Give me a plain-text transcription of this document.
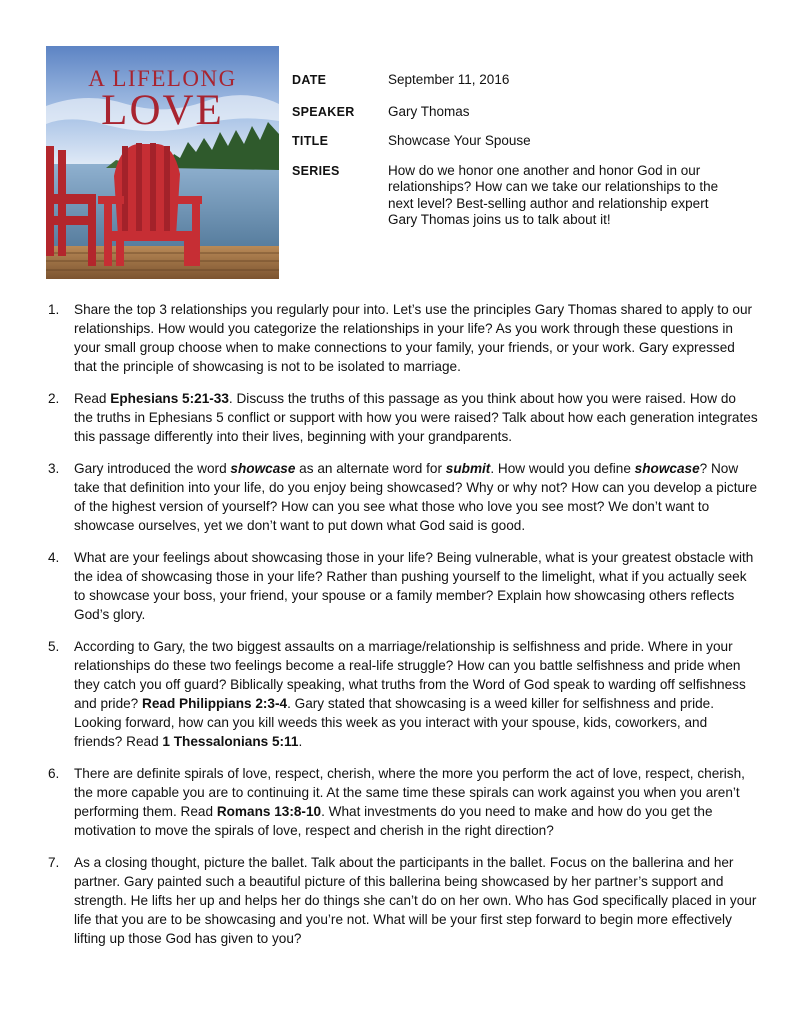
A LIFELONG
LOVE
DATE	September 11, 2016
SPEAKER	Gary Thomas
TITLE	Showcase Your Spouse
SERIES	How do we honor one another and honor God in our relationships? How can we take our relationships to the next level? Best-selling author and relationship expert Gary Thomas joins us to talk about it!
1.	Share the top 3 relationships you regularly pour into. Let’s use the principles Gary Thomas shared to apply to our relationships. How would you categorize the relationships in your life? As you work through these questions in your small group choose when to make connections to your family, your friends, or your work. Gary expressed that the principle of showcasing is not to be isolated to marriage.
2.	Read Ephesians 5:21-33. Discuss the truths of this passage as you think about how you were raised. How do the truths in Ephesians 5 conflict or support with how you were raised? Talk about how each generation integrates this passage differently into their lives, beginning with your grandparents.
3.	Gary introduced the word showcase as an alternate word for submit. How would you define showcase? Now take that definition into your life, do you enjoy being showcased? Why or why not? How can you develop a picture of the highest version of yourself? How can you see what those who love you see most? We don’t want to showcase ourselves, yet we don’t want to put down what God said is good.
4.	What are your feelings about showcasing those in your life? Being vulnerable, what is your greatest obstacle with the idea of showcasing those in your life? Rather than pushing yourself to the limelight, what if you actually seek to showcase your boss, your friend, your spouse or a family member? Explain how showcasing others reflects God’s glory.
5.	According to Gary, the two biggest assaults on a marriage/relationship is selfishness and pride. Where in your relationships do these two feelings become a real-life struggle? How can you battle selfishness and pride when they catch you off guard? Biblically speaking, what truths from the Word of God speak to warding off selfishness and pride? Read Philippians 2:3-4. Gary stated that showcasing is a weed killer for selfishness and pride. Looking forward, how can you kill weeds this week as you interact with your spouse, kids, coworkers, and friends? Read 1 Thessalonians 5:11.
6.	There are definite spirals of love, respect, cherish, where the more you perform the act of love, respect, cherish, the more capable you are to continuing it. At the same time these spirals can work against you when you aren’t performing them. Read Romans 13:8-10. What investments do you need to make and how do you get the motivation to move the spirals of love, respect and cherish in the right direction?
7.	As a closing thought, picture the ballet. Talk about the participants in the ballet. Focus on the ballerina and her partner. Gary painted such a beautiful picture of this ballerina being showcased by her partner’s support and strength. He lifts her up and helps her do things she can’t do on her own. Who has God specifically placed in your life that you are to be showcasing and you’re not. What will be your first step forward to begin more effectively lifting up those God has given to you?
